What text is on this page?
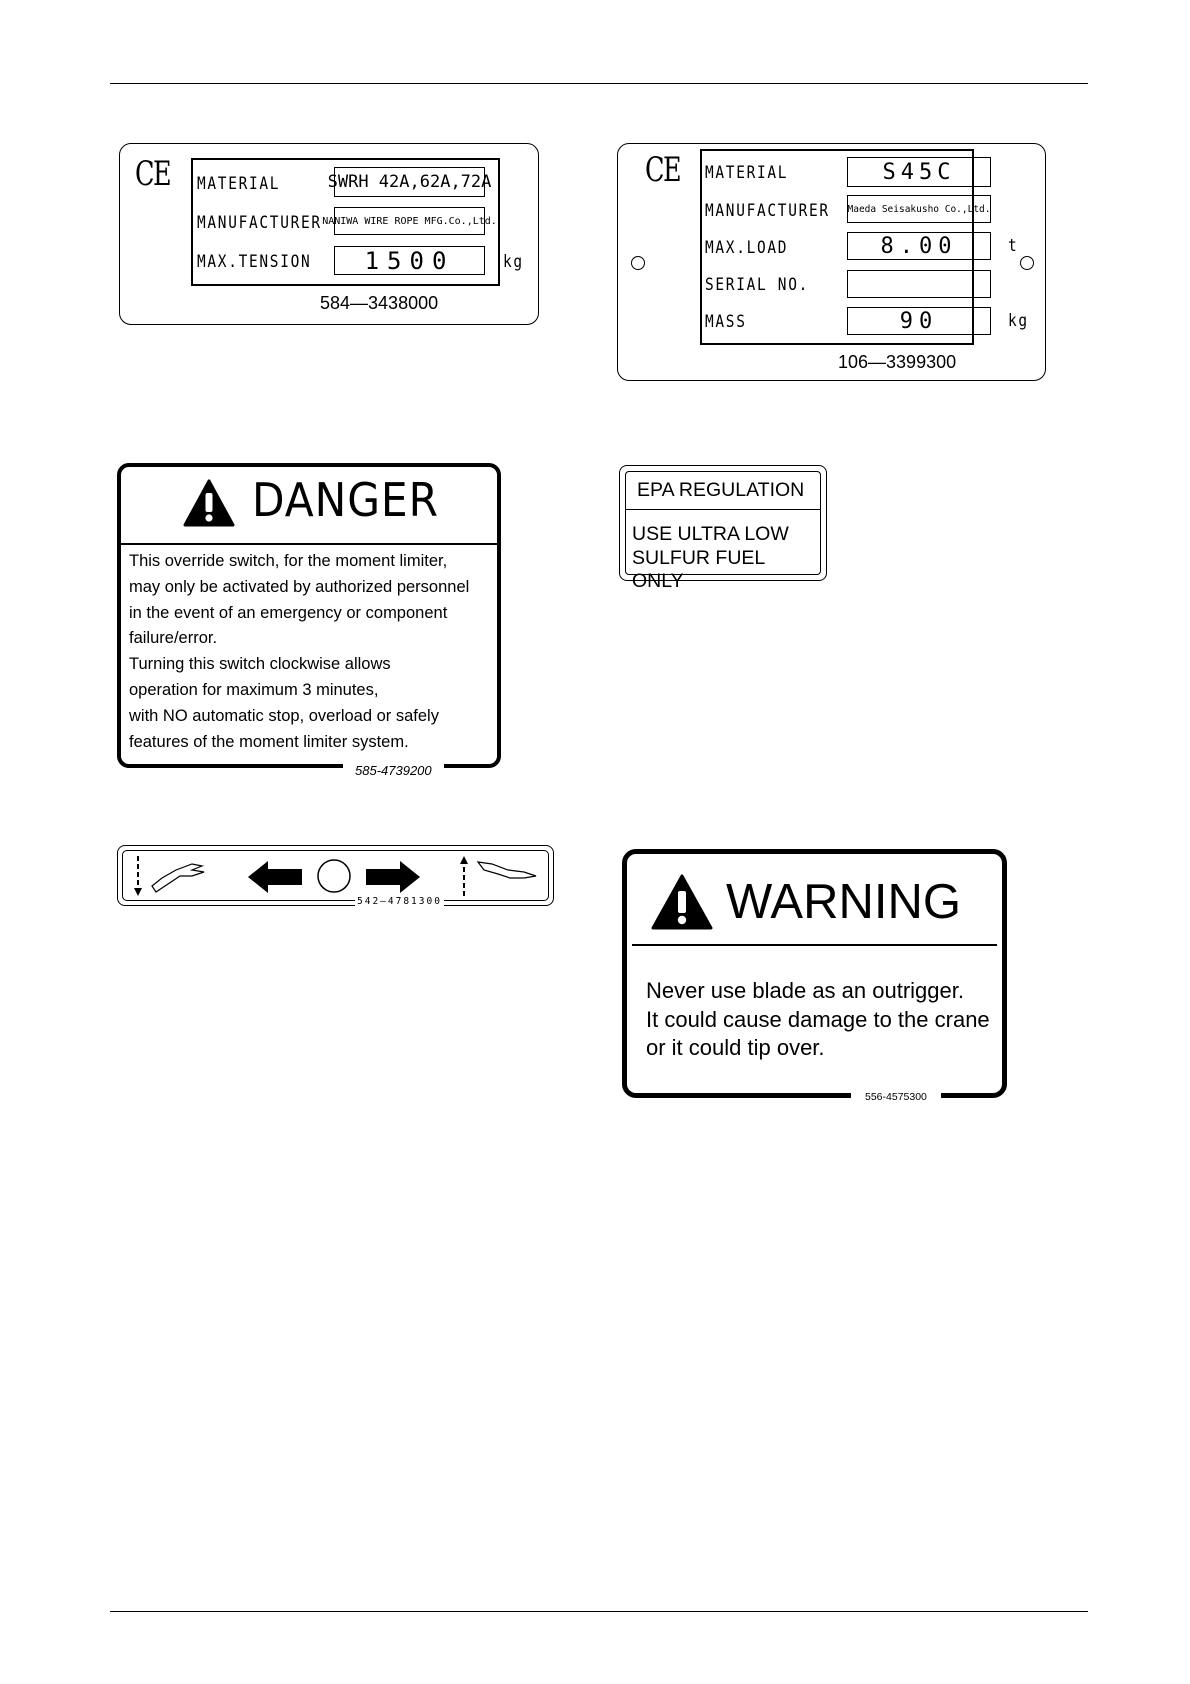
CE MATERIAL	SWRH 42A,62A,72A
MANUFACTURER NANIWA WIRE ROPE MFG.Co.,Ltd.
MAX.TENSION	1500	kg
584—3438000
CE MATERIAL	S45C
MANUFACTURER Maeda Seisakusho Co.,Ltd.
MAX.LOAD	8.00	t
SERIAL NO.
MASS	90	kg
106—3399300
DANGER
This override switch, for the moment limiter,
may only be activated by authorized personnel
in the event of an emergency or component
failure/error.
Turning this switch clockwise allows
operation for maximum 3 minutes,
with NO automatic stop, overload or safely
features of the moment limiter system.
585-4739200
EPA REGULATION
USE ULTRA LOW
SULFUR FUEL ONLY
542—4781300	WARNING
Never use blade as an outrigger.
It could cause damage to the crane
or it could tip over.
556-4575300
